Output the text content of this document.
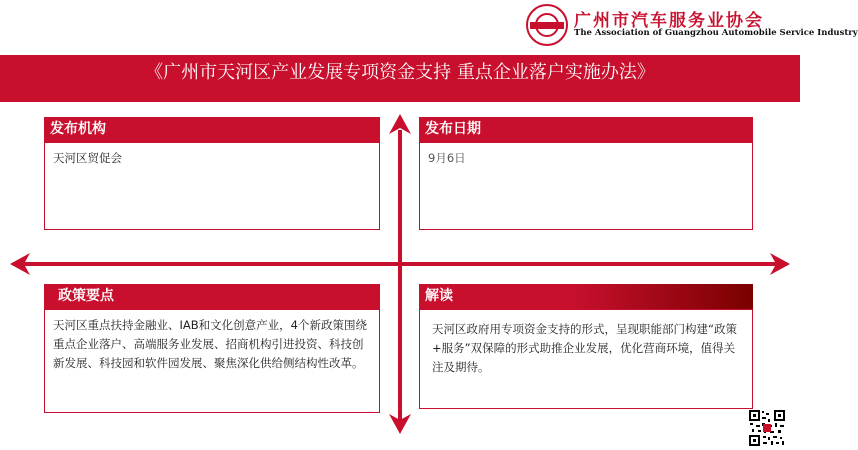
广州市汽车服务业协会
The Association of Guangzhou Automobile Service Industry
《广州市天河区产业发展专项资金支持 重点企业落户实施办法》
发布机构
天河区贸促会
发布日期
9月6日
政策要点
天河区重点扶持金融业、IAB和文化创意产业，4个新政策围绕重点企业落户、高端服务业发展、招商机构引进投资、科技创新发展、科技园和软件园发展、聚焦深化供给侧结构性改革。
解读
天河区政府用专项资金支持的形式，呈现职能部门构建“政策+服务”双保障的形式助推企业发展，优化营商环境，值得关注及期待。
